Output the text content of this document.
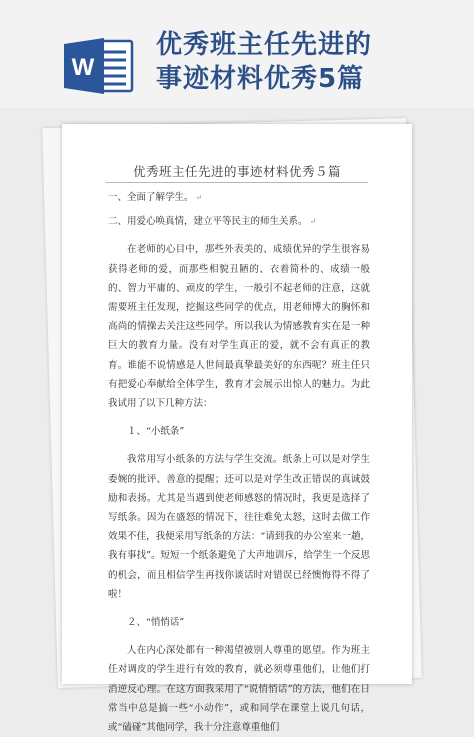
W
优秀班主任先进的
事迹材料优秀5篇
优秀班主任先进的事迹材料优秀５篇

一、全面了解学生。 ↵

二、用爱心唤真情，建立平等民主的师生关系。 ↵

在老师的心目中，那些外表美的、成绩优异的学生很容易获得老师的爱，而那些相貌丑陋的、衣着简朴的、成绩一般的、智力平庸的、顽皮的学生，一般引不起老师的注意，这就需要班主任发现，挖掘这些同学的优点，用老师博大的胸怀和高尚的情操去关注这些同学。所以我认为情感教育实在是一种巨大的教育力量。没有对学生真正的爱，就不会有真正的教育。谁能不说情感是人世间最真挚最美好的东西呢？班主任只有把爱心奉献给全体学生，教育才会展示出惊人的魅力。为此我试用了以下几种方法：

１、“小纸条”

我常用写小纸条的方法与学生交流。纸条上可以是对学生委婉的批评、善意的提醒；还可以是对学生改正错误的真诚鼓励和表扬。尤其是当遇到使老师感怒的情况时，我更是选择了写纸条。因为在盛怒的情况下，往往难免太怒，这时去做工作效果不佳，我便采用写纸条的方法：“请到我的办公室来一趟，我有事找”。短短一个纸条避免了大声地训斥，给学生一个反思的机会，而且相信学生再找你谈话时对错误已经懊悔得不得了啦！

２、“悄悄话”

人在内心深处都有一种渴望被别人尊重的愿望。作为班主任对调皮的学生进行有效的教育，就必须尊重他们，让他们打消逆反心理。在这方面我采用了“说悄悄话”的方法，他们在日常当中总是搞一些“小动作”，或和同学在课堂上说几句话，或“磕碰”其他同学，我十分注意尊重他们
